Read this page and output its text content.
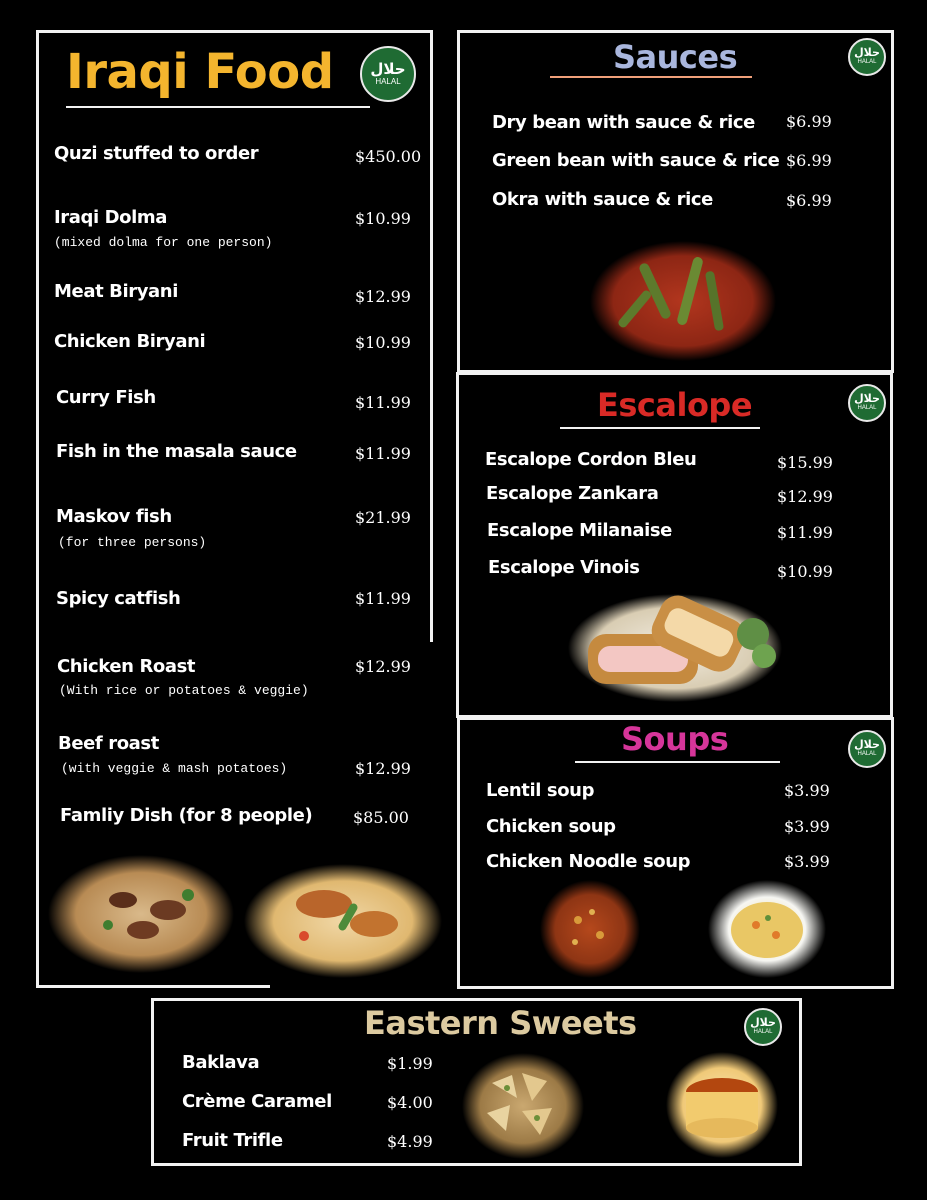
Iraqi Food حلال
HALAL
Quzi stuffed to order	$450.00
Iraqi Dolma	$10.99
(mixed dolma for one person)
Meat Biryani	$12.99
Chicken Biryani	$10.99
Curry Fish	$11.99
Fish in the masala sauce	$11.99
Maskov fish	$21.99
(for three persons)
Spicy catfish	$11.99
Chicken Roast	$12.99
(With rice or potatoes & veggie)
Beef roast
(with veggie & mash potatoes)	$12.99
Famliy Dish (for 8 people)	$85.00
Sauces	حلال
HALAL
Dry bean with sauce & rice $6.99
Green bean with sauce & rice $6.99
Okra with sauce & rice	$6.99
Escalope	حلال
HALAL
Escalope Cordon Bleu	$15.99
Escalope Zankara	$12.99
Escalope Milanaise	$11.99
Escalope Vinois	$10.99
Soups	حلال
HALAL
Lentil soup	$3.99
Chicken soup	$3.99
Chicken Noodle soup	$3.99
Eastern Sweets	حلال
HALAL
Baklava	$1.99
Crème Caramel	$4.00
Fruit Trifle	$4.99
